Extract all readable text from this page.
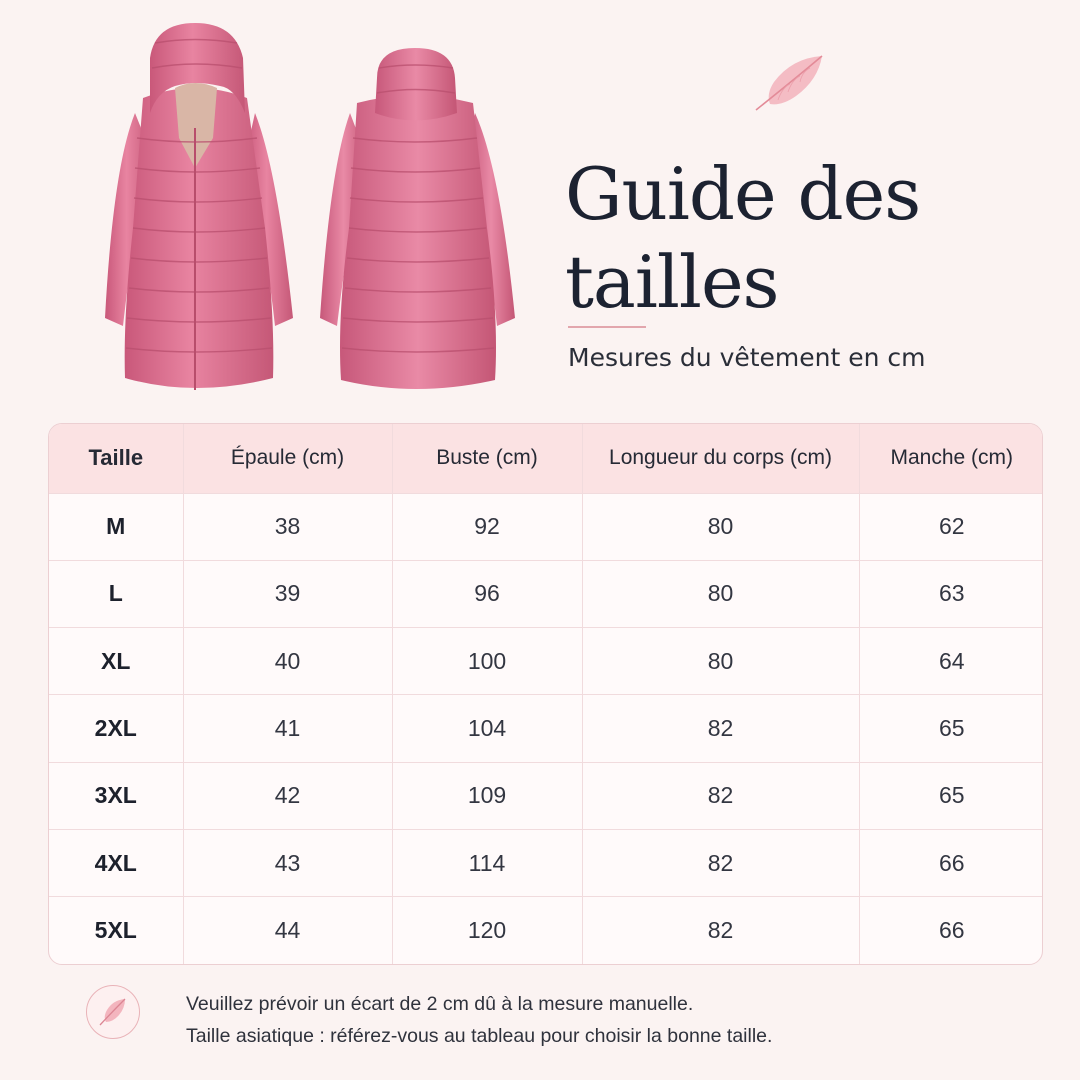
Guide des
tailles
Mesures du vêtement en cm
Taille	Épaule (cm)	Buste (cm)	Longueur du corps (cm)	Manche (cm)
M	38	92	80	62
L	39	96	80	63
XL	40	100	80	64
2XL	41	104	82	65
3XL	42	109	82	65
4XL	43	114	82	66
5XL	44	120	82	66
Veuillez prévoir un écart de 2 cm dû à la mesure manuelle.
Taille asiatique : référez-vous au tableau pour choisir la bonne taille.
